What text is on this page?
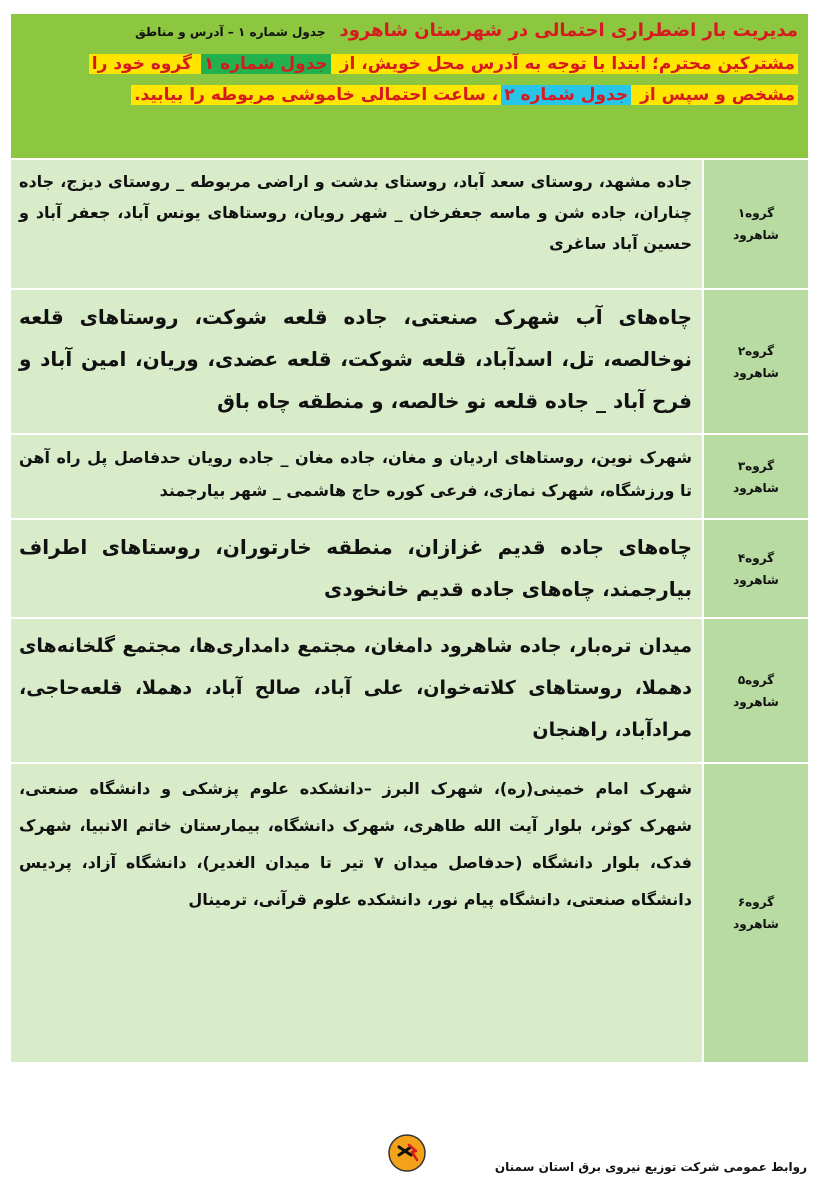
مدیریت بار اضطراری احتمالی در شهرستان شاهرود
جدول شماره ۱ – آدرس و مناطق
مشترکین محترم؛ ابتدا با توجه به آدرس محل خویش، از جدول شماره ۱ گروه خود را
مشخص و سپس از جدول شماره ۲، ساعت احتمالی خاموشی مربوطه را بیابید.
جاده مشهد، روستای سعد آباد، روستای بدشت و اراضی مربوطه _ روستای دیزج، جاده چناران، جاده شن و ماسه جعفرخان _ شهر رویان، روستاهای یونس آباد، جعفر آباد و حسین آباد ساغری
گروه۱
شاهرود
چاه‌های آب شهرک صنعتی، جاده قلعه شوکت، روستاهای قلعه نوخالصه، تل، اسدآباد، قلعه شوکت، قلعه عضدی، وریان، امین آباد و فرح آباد _ جاده قلعه نو خالصه، و منطقه چاه باق
گروه۲
شاهرود
شهرک نوین، روستاهای اردیان و مغان، جاده مغان _ جاده رویان حدفاصل پل راه آهن تا ورزشگاه، شهرک نمازی، فرعی کوره حاج هاشمی _ شهر بیارجمند
گروه۳
شاهرود
چاه‌های جاده قدیم غزازان، منطقه خارتوران، روستاهای اطراف بیارجمند، چاه‌های جاده قدیم خانخودی
گروه۴
شاهرود
میدان تره‌بار، جاده شاهرود دامغان، مجتمع دامداری‌ها، مجتمع گلخانه‌های دهملا، روستاهای کلاته‌خوان، علی آباد، صالح آباد، دهملا، قلعه‌حاجی، مرادآباد، راهنجان
گروه۵
شاهرود
شهرک امام خمینی(ره)، شهرک البرز –دانشکده علوم پزشکی و دانشگاه صنعتی، شهرک کوثر، بلوار آیت الله طاهری، شهرک دانشگاه، بیمارستان خاتم الانبیا، شهرک فدک، بلوار دانشگاه (حدفاصل میدان ۷ تیر تا میدان الغدیر)، دانشگاه آزاد، پردیس دانشگاه صنعتی، دانشگاه پیام نور، دانشکده علوم قرآنی، ترمینال	گروه۶
شاهرود
روابط عمومی شرکت توزیع نیروی برق استان سمنان
